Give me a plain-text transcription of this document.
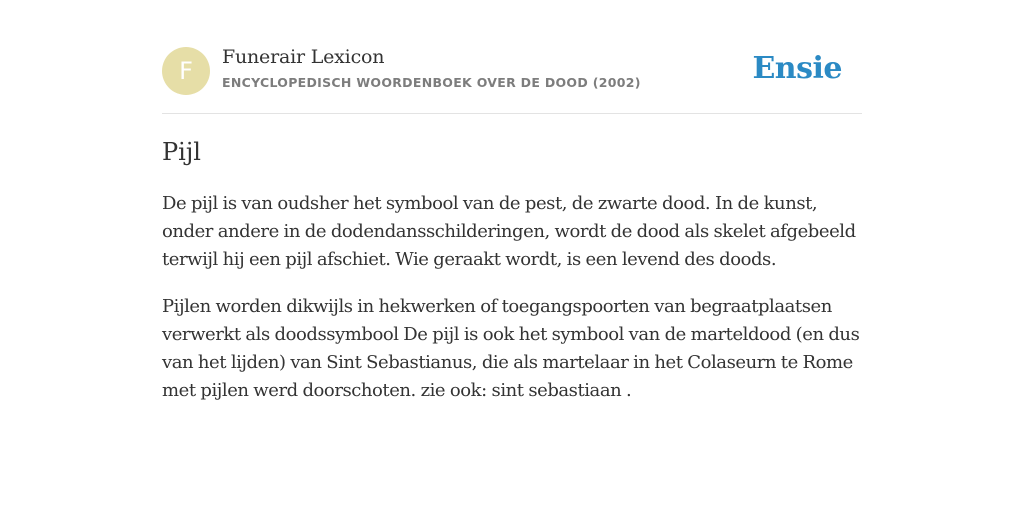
F	Funerair Lexicon
ENCYCLOPEDISCH WOORDENBOEK OVER DE DOOD (2002)	Ensie
Pijl

De pijl is van oudsher het symbool van de pest, de zwarte dood. In de kunst,
onder andere in de dodendansschilderingen, wordt de dood als skelet afgebeeld
terwijl hij een pijl afschiet. Wie geraakt wordt, is een levend des doods.

Pijlen worden dikwijls in hekwerken of toegangspoorten van begraatplaatsen
verwerkt als doodssymbool De pijl is ook het symbool van de marteldood (en dus
van het lijden) van Sint Sebastianus, die als martelaar in het Colaseurn te Rome
met pijlen werd doorschoten. zie ook: sint sebastiaan .
